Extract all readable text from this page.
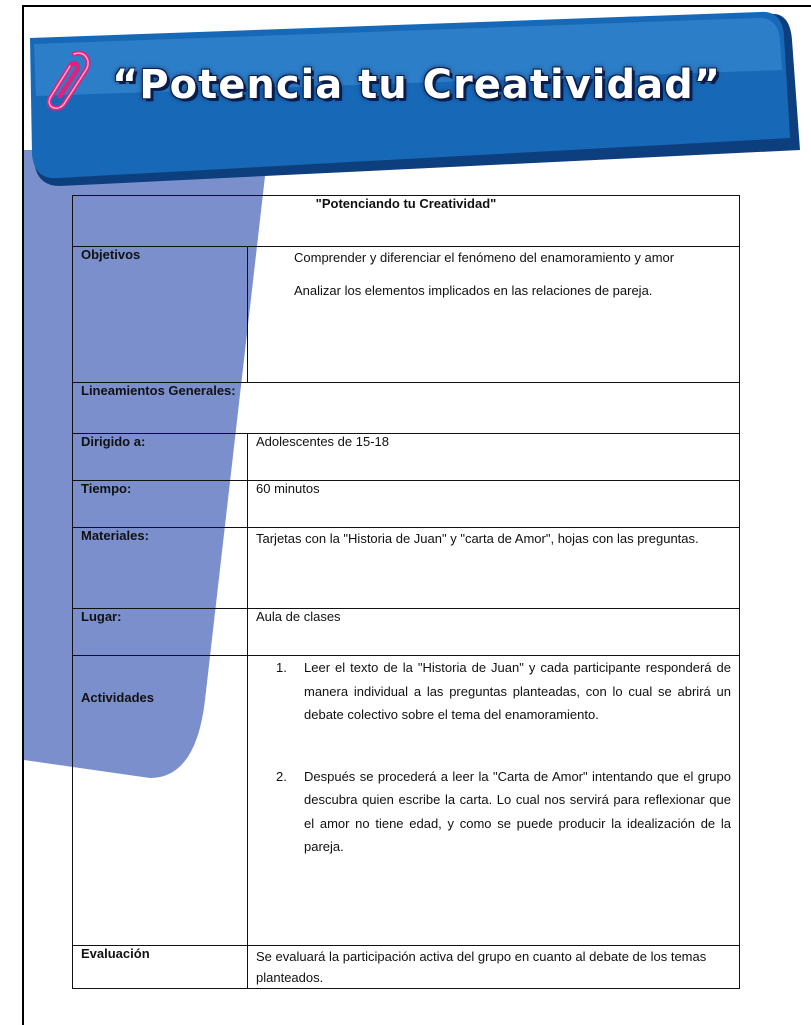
“Potencia tu Creatividad”
"Potenciando tu Creatividad"	
Objetivos	Comprender y diferenciar el fenómeno del enamoramiento y amor

Analizar los elementos implicados en las relaciones de pareja.

Lineamientos Generales:	
Dirigido a:	Adolescentes de 15-18
Tiempo:	60 minutos
Materiales:	Tarjetas con la "Historia de Juan" y "carta de Amor", hojas con las preguntas.
Lugar:	Aula de clases
Actividades	1. Leer el texto de la "Historia de Juan" y cada participante responderá de manera individual a las preguntas planteadas, con lo cual se abrirá un debate colectivo sobre el tema del enamoramiento.
2. Después se procederá a leer la "Carta de Amor" intentando que el grupo descubra quien escribe la carta. Lo cual nos servirá para reflexionar que el amor no tiene edad, y como se puede producir la idealización de la pareja.

Evaluación	Se evaluará la participación activa del grupo en cuanto al debate de los temas planteados.
